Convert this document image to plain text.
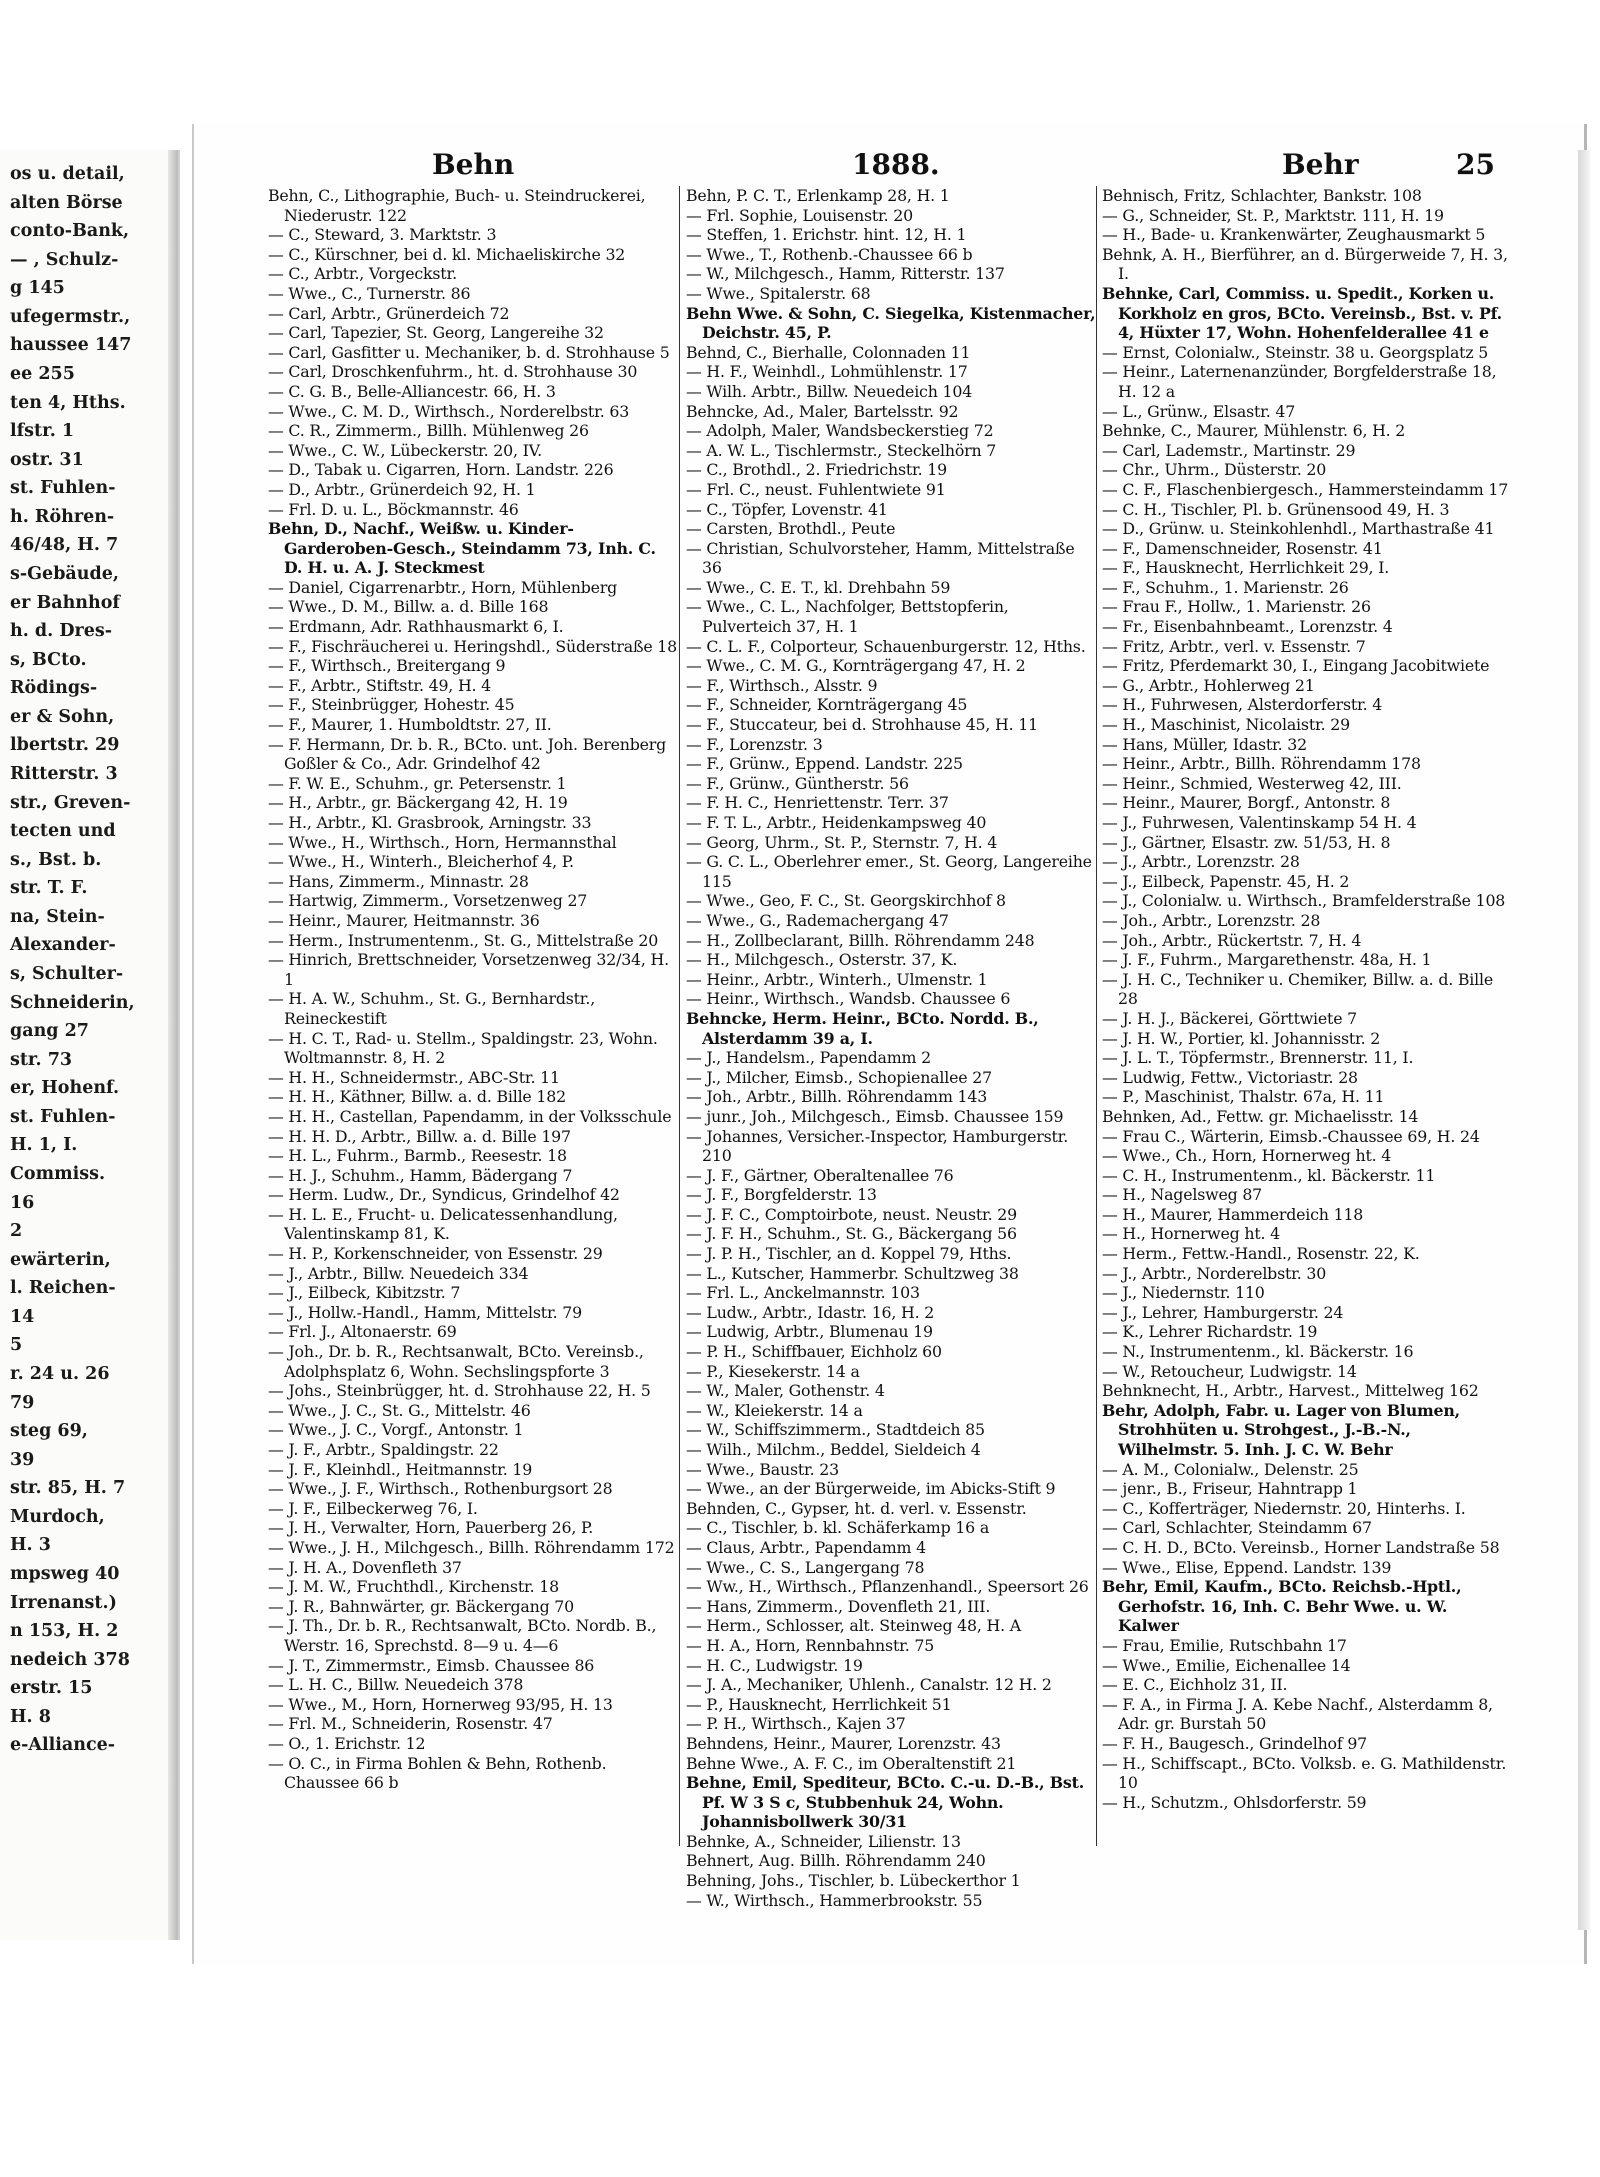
os u. detail,
alten Börse
conto-Bank,
— , Schulz-
g 145
ufegermstr.,
haussee 147
ee 255
ten 4, Hths.
lfstr. 1
ostr. 31
st. Fuhlen-
h. Röhren-
46/48, H. 7
s-Gebäude,
er Bahnhof
h. d. Dres-
s, BCto.
Rödings-
er & Sohn,
lbertstr. 29
Ritterstr. 3
str., Greven-
tecten und
s., Bst. b.
str. T. F.
na, Stein-
Alexander-
s, Schulter-
Schneiderin,
gang 27
str. 73
er, Hohenf.
st. Fuhlen-
H. 1, I.
Commiss.
16
2
ewärterin,
l. Reichen-
14
5
r. 24 u. 26
79
steg 69,
39
str. 85, H. 7
Murdoch,
H. 3
mpsweg 40
Irrenanst.)
n 153, H. 2
nedeich 378
erstr. 15
H. 8
e-Alliance-
Behn	1888.	Behr	25

Behn, C., Lithographie, Buch- u. Steindruckerei, Niederustr. 122

— C., Steward, 3. Marktstr. 3

— C., Kürschner, bei d. kl. Michaeliskirche 32

— C., Arbtr., Vorgeckstr.

— Wwe., C., Turnerstr. 86

— Carl, Arbtr., Grünerdeich 72

— Carl, Tapezier, St. Georg, Langereihe 32

— Carl, Gasfitter u. Mechaniker, b. d. Strohhause 5

— Carl, Droschkenfuhrm., ht. d. Strohhause 30

— C. G. B., Belle-Alliancestr. 66, H. 3

— Wwe., C. M. D., Wirthsch., Norderelbstr. 63

— C. R., Zimmerm., Billh. Mühlenweg 26

— Wwe., C. W., Lübeckerstr. 20, IV.

— D., Tabak u. Cigarren, Horn. Landstr. 226

— D., Arbtr., Grünerdeich 92, H. 1

— Frl. D. u. L., Böckmannstr. 46

Behn, D., Nachf., Weißw. u. Kinder-Garderoben-Gesch., Steindamm 73, Inh. C. D. H. u. A. J. Steckmest

— Daniel, Cigarrenarbtr., Horn, Mühlenberg

— Wwe., D. M., Billw. a. d. Bille 168

— Erdmann, Adr. Rathhausmarkt 6, I.

— F., Fischräucherei u. Heringshdl., Süderstraße 18

— F., Wirthsch., Breitergang 9

— F., Arbtr., Stiftstr. 49, H. 4

— F., Steinbrügger, Hohestr. 45

— F., Maurer, 1. Humboldtstr. 27, II.

— F. Hermann, Dr. b. R., BCto. unt. Joh. Berenberg Goßler & Co., Adr. Grindelhof 42

— F. W. E., Schuhm., gr. Petersenstr. 1

— H., Arbtr., gr. Bäckergang 42, H. 19

— H., Arbtr., Kl. Grasbrook, Arningstr. 33

— Wwe., H., Wirthsch., Horn, Hermannsthal

— Wwe., H., Winterh., Bleicherhof 4, P.

— Hans, Zimmerm., Minnastr. 28

— Hartwig, Zimmerm., Vorsetzenweg 27

— Heinr., Maurer, Heitmannstr. 36

— Herm., Instrumentenm., St. G., Mittelstraße 20

— Hinrich, Brettschneider, Vorsetzenweg 32/34, H. 1

— H. A. W., Schuhm., St. G., Bernhardstr., Reineckestift

— H. C. T., Rad- u. Stellm., Spaldingstr. 23, Wohn. Woltmannstr. 8, H. 2

— H. H., Schneidermstr., ABC-Str. 11

— H. H., Käthner, Billw. a. d. Bille 182

— H. H., Castellan, Papendamm, in der Volksschule

— H. H. D., Arbtr., Billw. a. d. Bille 197

— H. L., Fuhrm., Barmb., Reesestr. 18

— H. J., Schuhm., Hamm, Bädergang 7

— Herm. Ludw., Dr., Syndicus, Grindelhof 42

— H. L. E., Frucht- u. Delicatessenhandlung, Valentinskamp 81, K.

— H. P., Korkenschneider, von Essenstr. 29

— J., Arbtr., Billw. Neuedeich 334

— J., Eilbeck, Kibitzstr. 7

— J., Hollw.-Handl., Hamm, Mittelstr. 79

— Frl. J., Altonaerstr. 69

— Joh., Dr. b. R., Rechtsanwalt, BCto. Vereinsb., Adolphsplatz 6, Wohn. Sechslingspforte 3

— Johs., Steinbrügger, ht. d. Strohhause 22, H. 5

— Wwe., J. C., St. G., Mittelstr. 46

— Wwe., J. C., Vorgf., Antonstr. 1

— J. F., Arbtr., Spaldingstr. 22

— J. F., Kleinhdl., Heitmannstr. 19

— Wwe., J. F., Wirthsch., Rothenburgsort 28

— J. F., Eilbeckerweg 76, I.

— J. H., Verwalter, Horn, Pauerberg 26, P.

— Wwe., J. H., Milchgesch., Billh. Röhrendamm 172

— J. H. A., Dovenfleth 37

— J. M. W., Fruchthdl., Kirchenstr. 18

— J. R., Bahnwärter, gr. Bäckergang 70

— J. Th., Dr. b. R., Rechtsanwalt, BCto. Nordb. B., Werstr. 16, Sprechstd. 8—9 u. 4—6

— J. T., Zimmermstr., Eimsb. Chaussee 86

— L. H. C., Billw. Neuedeich 378

— Wwe., M., Horn, Hornerweg 93/95, H. 13

— Frl. M., Schneiderin, Rosenstr. 47

— O., 1. Erichstr. 12

— O. C., in Firma Bohlen & Behn, Rothenb. Chaussee 66 b

Behn, P. C. T., Erlenkamp 28, H. 1

— Frl. Sophie, Louisenstr. 20

— Steffen, 1. Erichstr. hint. 12, H. 1

— Wwe., T., Rothenb.-Chaussee 66 b

— W., Milchgesch., Hamm, Ritterstr. 137

— Wwe., Spitalerstr. 68

Behn Wwe. & Sohn, C. Siegelka, Kistenmacher, Deichstr. 45, P.

Behnd, C., Bierhalle, Colonnaden 11

— H. F., Weinhdl., Lohmühlenstr. 17

— Wilh. Arbtr., Billw. Neuedeich 104

Behncke, Ad., Maler, Bartelsstr. 92

— Adolph, Maler, Wandsbeckerstieg 72

— A. W. L., Tischlermstr., Steckelhörn 7

— C., Brothdl., 2. Friedrichstr. 19

— Frl. C., neust. Fuhlentwiete 91

— C., Töpfer, Lovenstr. 41

— Carsten, Brothdl., Peute

— Christian, Schulvorsteher, Hamm, Mittelstraße 36

— Wwe., C. E. T., kl. Drehbahn 59

— Wwe., C. L., Nachfolger, Bettstopferin, Pulverteich 37, H. 1

— C. L. F., Colportеur, Schauenburgerstr. 12, Hths.

— Wwe., C. M. G., Kornträgergang 47, H. 2

— F., Wirthsch., Alsstr. 9

— F., Schneider, Kornträgergang 45

— F., Stuccateur, bei d. Strohhause 45, H. 11

— F., Lorenzstr. 3

— F., Grünw., Eppend. Landstr. 225

— F., Grünw., Güntherstr. 56

— F. H. C., Henriettenstr. Terr. 37

— F. T. L., Arbtr., Heidenkampsweg 40

— Georg, Uhrm., St. P., Sternstr. 7, H. 4

— G. C. L., Oberlehrer emer., St. Georg, Langereihe 115

— Wwe., Geo, F. C., St. Georgskirchhof 8

— Wwe., G., Rademachergang 47

— H., Zollbeclarant, Billh. Röhrendamm 248

— H., Milchgesch., Osterstr. 37, K.

— Heinr., Arbtr., Winterh., Ulmenstr. 1

— Heinr., Wirthsch., Wandsb. Chaussee 6

Behncke, Herm. Heinr., BCto. Nordd. B., Alsterdamm 39 a, I.

— J., Handelsm., Papendamm 2

— J., Milcher, Eimsb., Schopienallee 27

— Joh., Arbtr., Billh. Röhrendamm 143

— junr., Joh., Milchgesch., Eimsb. Chaussee 159

— Johannes, Versicher.-Inspector, Hamburgerstr. 210

— J. F., Gärtner, Oberaltenallee 76

— J. F., Borgfelderstr. 13

— J. F. C., Comptoirbote, neust. Neustr. 29

— J. F. H., Schuhm., St. G., Bäckergang 56

— J. P. H., Tischler, an d. Koppel 79, Hths.

— L., Kutscher, Hammerbr. Schultzweg 38

— Frl. L., Anckelmannstr. 103

— Ludw., Arbtr., Idastr. 16, H. 2

— Ludwig, Arbtr., Blumenau 19

— P. H., Schiffbauer, Eichholz 60

— P., Kiesekerstr. 14 a

— W., Maler, Gothenstr. 4

— W., Kleiekerstr. 14 a

— W., Schiffszimmerm., Stadtdeich 85

— Wilh., Milchm., Beddel, Sieldeich 4

— Wwe., Baustr. 23

— Wwe., an der Bürgerweide, im Abicks-Stift 9

Behnden, C., Gypser, ht. d. verl. v. Essenstr.

— C., Tischler, b. kl. Schäferkamp 16 a

— Claus, Arbtr., Papendamm 4

— Wwe., C. S., Langergang 78

— Ww., H., Wirthsch., Pflanzenhandl., Speersort 26

— Hans, Zimmerm., Dovenfleth 21, III.

— Herm., Schlosser, alt. Steinweg 48, H. A

— H. A., Horn, Rennbahnstr. 75

— H. C., Ludwigstr. 19

— J. A., Mechaniker, Uhlenh., Canalstr. 12 H. 2

— P., Hausknecht, Herrlichkeit 51

— P. H., Wirthsch., Kajen 37

Behndens, Heinr., Maurer, Lorenzstr. 43

Behne Wwe., A. F. C., im Oberaltenstift 21

Behne, Emil, Spediteur, BCto. C.-u. D.-B., Bst. Pf. W 3 S c, Stubbenhuk 24, Wohn. Johannisbollwerk 30/31

Behnke, A., Schneider, Lilienstr. 13

Behnert, Aug. Billh. Röhrendamm 240

Behning, Johs., Tischler, b. Lübeckerthor 1

— W., Wirthsch., Hammerbrookstr. 55

Behnisch, Fritz, Schlachter, Bankstr. 108

— G., Schneider, St. P., Marktstr. 111, H. 19

— H., Bade- u. Krankenwärter, Zeughausmarkt 5

Behnk, A. H., Bierführer, an d. Bürgerweide 7, H. 3, I.

Behnke, Carl, Commiss. u. Spedit., Korken u. Korkholz en gros, BCto. Vereinsb., Bst. v. Pf. 4, Hüxter 17, Wohn. Hohenfelderallee 41 e

— Ernst, Colonialw., Steinstr. 38 u. Georgsplatz 5

— Heinr., Laternenanzünder, Borgfelderstraße 18, H. 12 a

— L., Grünw., Elsastr. 47

Behnke, C., Maurer, Mühlenstr. 6, H. 2

— Carl, Lademstr., Martinstr. 29

— Chr., Uhrm., Düsterstr. 20

— C. F., Flaschenbiergesch., Hammersteindamm 17

— C. H., Tischler, Pl. b. Grünensood 49, H. 3

— D., Grünw. u. Steinkohlenhdl., Marthastraße 41

— F., Damenschneider, Rosenstr. 41

— F., Hausknecht, Herrlichkeit 29, I.

— F., Schuhm., 1. Marienstr. 26

— Frau F., Hollw., 1. Marienstr. 26

— Fr., Eisenbahnbeamt., Lorenzstr. 4

— Fritz, Arbtr., verl. v. Essenstr. 7

— Fritz, Pferdemarkt 30, I., Eingang Jacobitwiete

— G., Arbtr., Hohlerweg 21

— H., Fuhrwesen, Alsterdorferstr. 4

— H., Maschinist, Nicolaistr. 29

— Hans, Müller, Idastr. 32

— Heinr., Arbtr., Billh. Röhrendamm 178

— Heinr., Schmied, Westerweg 42, III.

— Heinr., Maurer, Borgf., Antonstr. 8

— J., Fuhrwesen, Valentinskamp 54 H. 4

— J., Gärtner, Elsastr. zw. 51/53, H. 8

— J., Arbtr., Lorenzstr. 28

— J., Eilbeck, Papenstr. 45, H. 2

— J., Colonialw. u. Wirthsch., Bramfelderstraße 108

— Joh., Arbtr., Lorenzstr. 28

— Joh., Arbtr., Rückertstr. 7, H. 4

— J. F., Fuhrm., Margarethenstr. 48a, H. 1

— J. H. C., Techniker u. Chemiker, Billw. a. d. Bille 28

— J. H. J., Bäckerei, Görttwiete 7

— J. H. W., Portier, kl. Johannisstr. 2

— J. L. T., Töpfermstr., Brennerstr. 11, I.

— Ludwig, Fettw., Victoriastr. 28

— P., Maschinist, Thalstr. 67a, H. 11

Behnken, Ad., Fettw. gr. Michaelisstr. 14

— Frau C., Wärterin, Eimsb.-Chaussee 69, H. 24

— Wwe., Ch., Horn, Hornerweg ht. 4

— C. H., Instrumentenm., kl. Bäckerstr. 11

— H., Nagelsweg 87

— H., Maurer, Hammerdeich 118

— H., Hornerweg ht. 4

— Herm., Fettw.-Handl., Rosenstr. 22, K.

— J., Arbtr., Norderelbstr. 30

— J., Niedernstr. 110

— J., Lehrer, Hamburgerstr. 24

— K., Lehrer Richardstr. 19

— N., Instrumentenm., kl. Bäckerstr. 16

— W., Retoucheur, Ludwigstr. 14

Behnknecht, H., Arbtr., Harvest., Mittelweg 162

Behr, Adolph, Fabr. u. Lager von Blumen, Strohhüten u. Strohgest., J.-B.-N., Wilhelmstr. 5. Inh. J. C. W. Behr

— A. M., Colonialw., Delenstr. 25

— jenr., B., Friseur, Hahntrapp 1

— C., Kofferträger, Niedernstr. 20, Hinterhs. I.

— Carl, Schlachter, Steindamm 67

— C. H. D., BCto. Vereinsb., Horner Landstraße 58

— Wwe., Elise, Eppend. Landstr. 139

Behr, Emil, Kaufm., BCto. Reichsb.-Hptl., Gerhofstr. 16, Inh. C. Behr Wwe. u. W. Kalwer

— Frau, Emilie, Rutschbahn 17

— Wwe., Emilie, Eichenallee 14

— E. C., Eichholz 31, II.

— F. A., in Firma J. A. Kebe Nachf., Alsterdamm 8, Adr. gr. Burstah 50

— F. H., Baugesch., Grindelhof 97

— H., Schiffscapt., BCto. Volksb. e. G. Mathildenstr. 10

— H., Schutzm., Ohlsdorferstr. 59
